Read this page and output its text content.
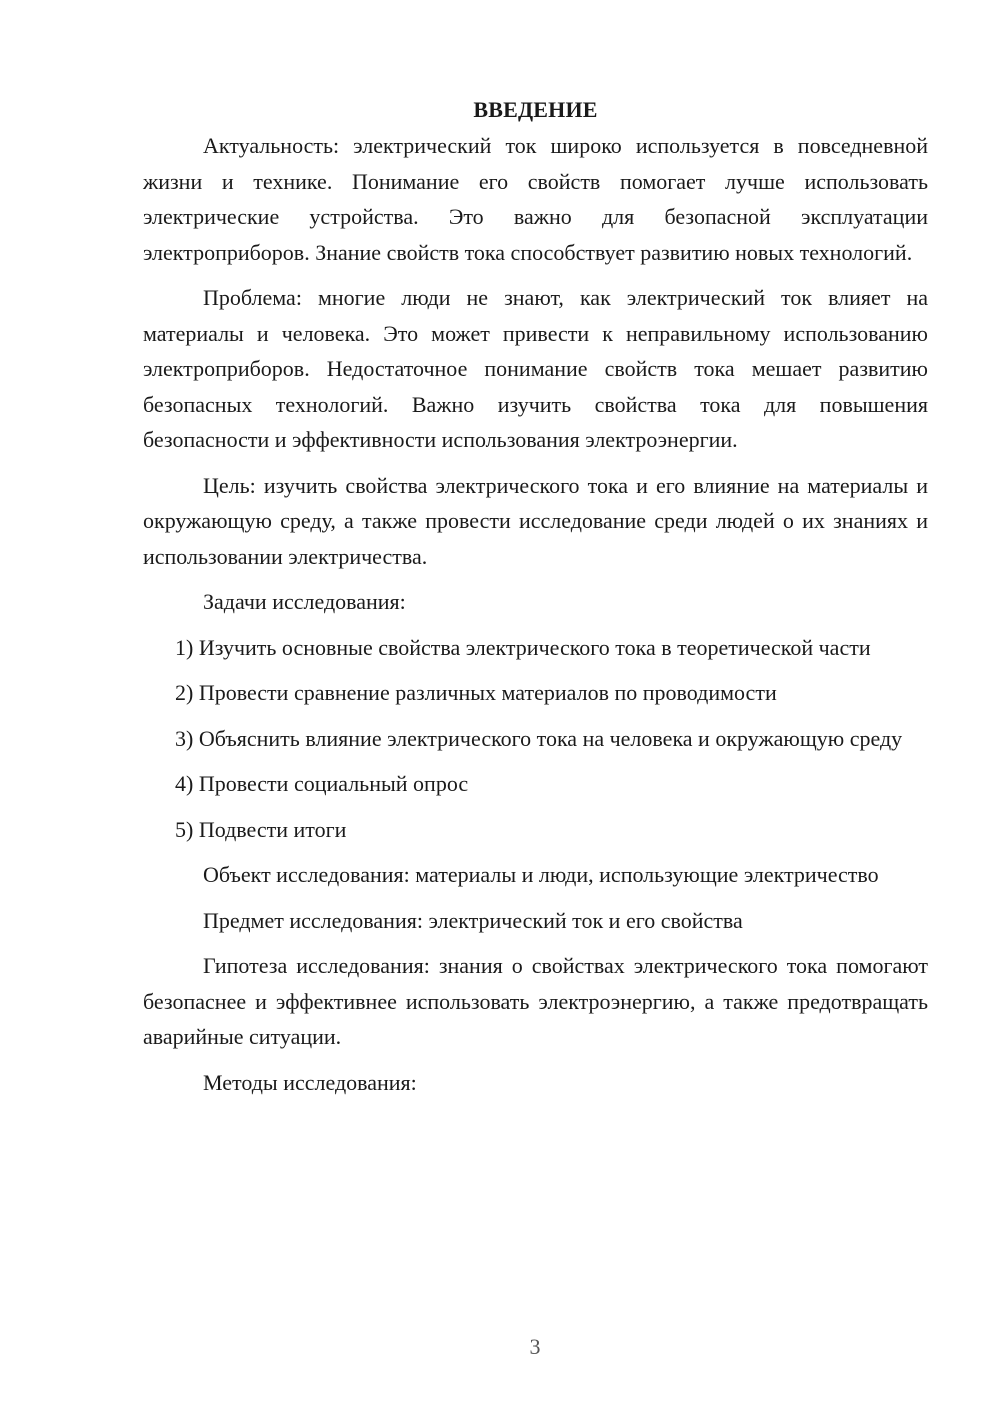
ВВЕДЕНИЕ

Актуальность: электрический ток широко используется в повседневной жизни и технике. Понимание его свойств помогает лучше использовать электрические устройства. Это важно для безопасной эксплуатации электроприборов. Знание свойств тока способствует развитию новых технологий.

Проблема: многие люди не знают, как электрический ток влияет на материалы и человека. Это может привести к неправильному использованию электроприборов. Недостаточное понимание свойств тока мешает развитию безопасных технологий. Важно изучить свойства тока для повышения безопасности и эффективности использования электроэнергии.

Цель: изучить свойства электрического тока и его влияние на материалы и окружающую среду, а также провести исследование среди людей о их знаниях и использовании электричества.

Задачи исследования:

1) Изучить основные свойства электрического тока в теоретической части

2) Провести сравнение различных материалов по проводимости

3) Объяснить влияние электрического тока на человека и окружающую среду

4) Провести социальный опрос

5) Подвести итоги

Объект исследования: материалы и люди, использующие электричество

Предмет исследования: электрический ток и его свойства

Гипотеза исследования: знания о свойствах электрического тока помогают безопаснее и эффективнее использовать электроэнергию, а также предотвращать аварийные ситуации.

Методы исследования:

3
